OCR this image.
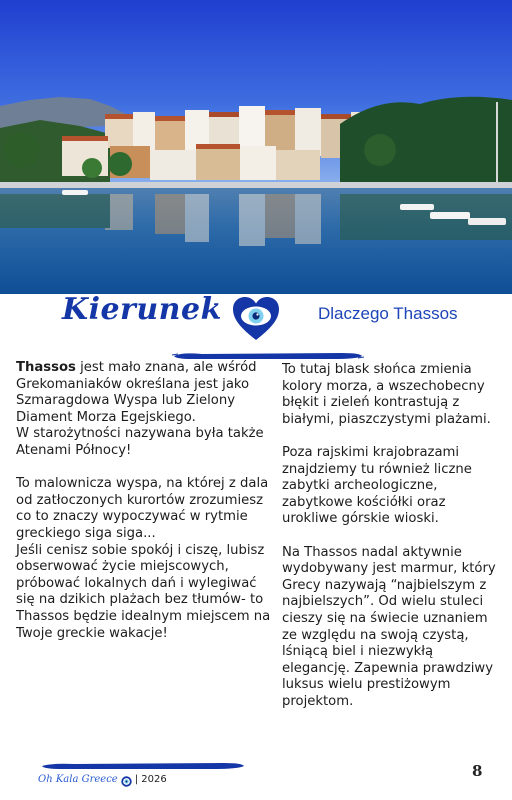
Kierunek	Dlaczego Thassos

Thassos jest mało znana, ale wśród Grekomaniaków określana jest jako Szmaragdowa Wyspa lub Zielony Diament Morza Egejskiego.
W starożytności nazywana była także Atenami Północy!

To malownicza wyspa, na której z dala od zatłoczonych kurortów zrozumiesz co to znaczy wypoczywać w rytmie greckiego siga siga...
Jeśli cenisz sobie spokój i ciszę, lubisz obserwować życie miejscowych, próbować lokalnych dań i wylegiwać się na dzikich plażach bez tłumów- to Thassos będzie idealnym miejscem na Twoje greckie wakacje!

To tutaj blask słońca zmienia kolory morza, a wszechobecny błękit i zieleń kontrastują z białymi, piaszczystymi plażami.

Poza rajskimi krajobrazami znajdziemy tu również liczne zabytki archeologiczne, zabytkowe kościółki oraz urokliwe górskie wioski.

Na Thassos nadal aktywnie wydobywany jest marmur, który Grecy nazywają “najbielszym z najbielszych”. Od wielu stuleci cieszy się na świecie uznaniem ze względu na swoją czystą, lśniącą biel i niezwykłą elegancję. Zapewnia prawdziwy luksus wielu prestiżowym projektom.

Oh Kala Greece | 2026	8
